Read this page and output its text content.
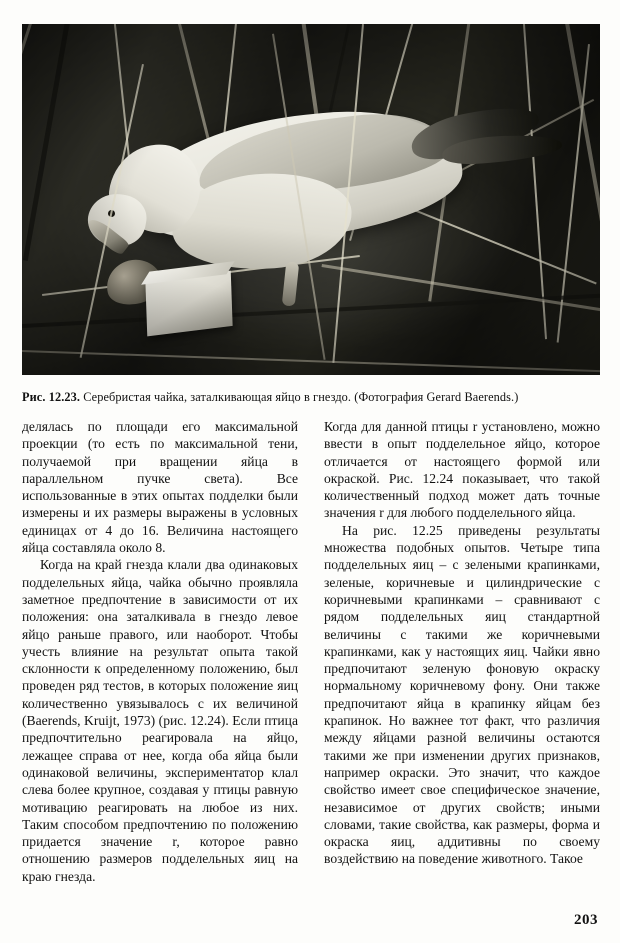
Рис. 12.23. Серебристая чайка, заталкивающая яйцо в гнездо. (Фотография Gerard Baerends.)

делялась по площади его максимальной проекции (то есть по максимальной тени, получаемой при вращении яйца в параллельном пучке света). Все использованные в этих опытах подделки были измерены и их размеры выражены в условных единицах от 4 до 16. Величина настоящего яйца составляла около 8.

Когда на край гнезда клали два одинаковых подделельных яйца, чайка обычно проявляла заметное предпочтение в зависимости от их положения: она заталкивала в гнездо левое яйцо раньше правого, или наоборот. Чтобы учесть влияние на результат опыта такой склонности к определенному положению, был проведен ряд тестов, в которых положение яиц количественно увязывалось с их величиной (Baerends, Kruijt, 1973) (рис. 12.24). Если птица предпочтительно реагировала на яйцо, лежащее справа от нее, когда оба яйца были одинаковой величины, экспериментатор клал слева более крупное, создавая у птицы равную мотивацию реагировать на любое из них. Таким способом предпочтению по положению придается значение r, которое равно отношению размеров подделельных яиц на краю гнезда.

Когда для данной птицы r установлено, можно ввести в опыт подделельное яйцо, которое отличается от настоящего формой или окраской. Рис. 12.24 показывает, что такой количественный подход может дать точные значения r для любого подделельного яйца.

На рис. 12.25 приведены результаты множества подобных опытов. Четыре типа подделельных яиц – с зелеными крапинками, зеленые, коричневые и цилиндрические с коричневыми крапинками – сравнивают с рядом подделельных яиц стандартной величины с такими же коричневыми крапинками, как у настоящих яиц. Чайки явно предпочитают зеленую фоновую окраску нормальному коричневому фону. Они также предпочитают яйца в крапинку яйцам без крапинок. Но важнее тот факт, что различия между яйцами разной величины остаются такими же при изменении других признаков, например окраски. Это значит, что каждое свойство имеет свое специфическое значение, независимое от других свойств; иными словами, такие свойства, как размеры, форма и окраска яиц, аддитивны по своему воздействию на поведение животного. Такое

203
